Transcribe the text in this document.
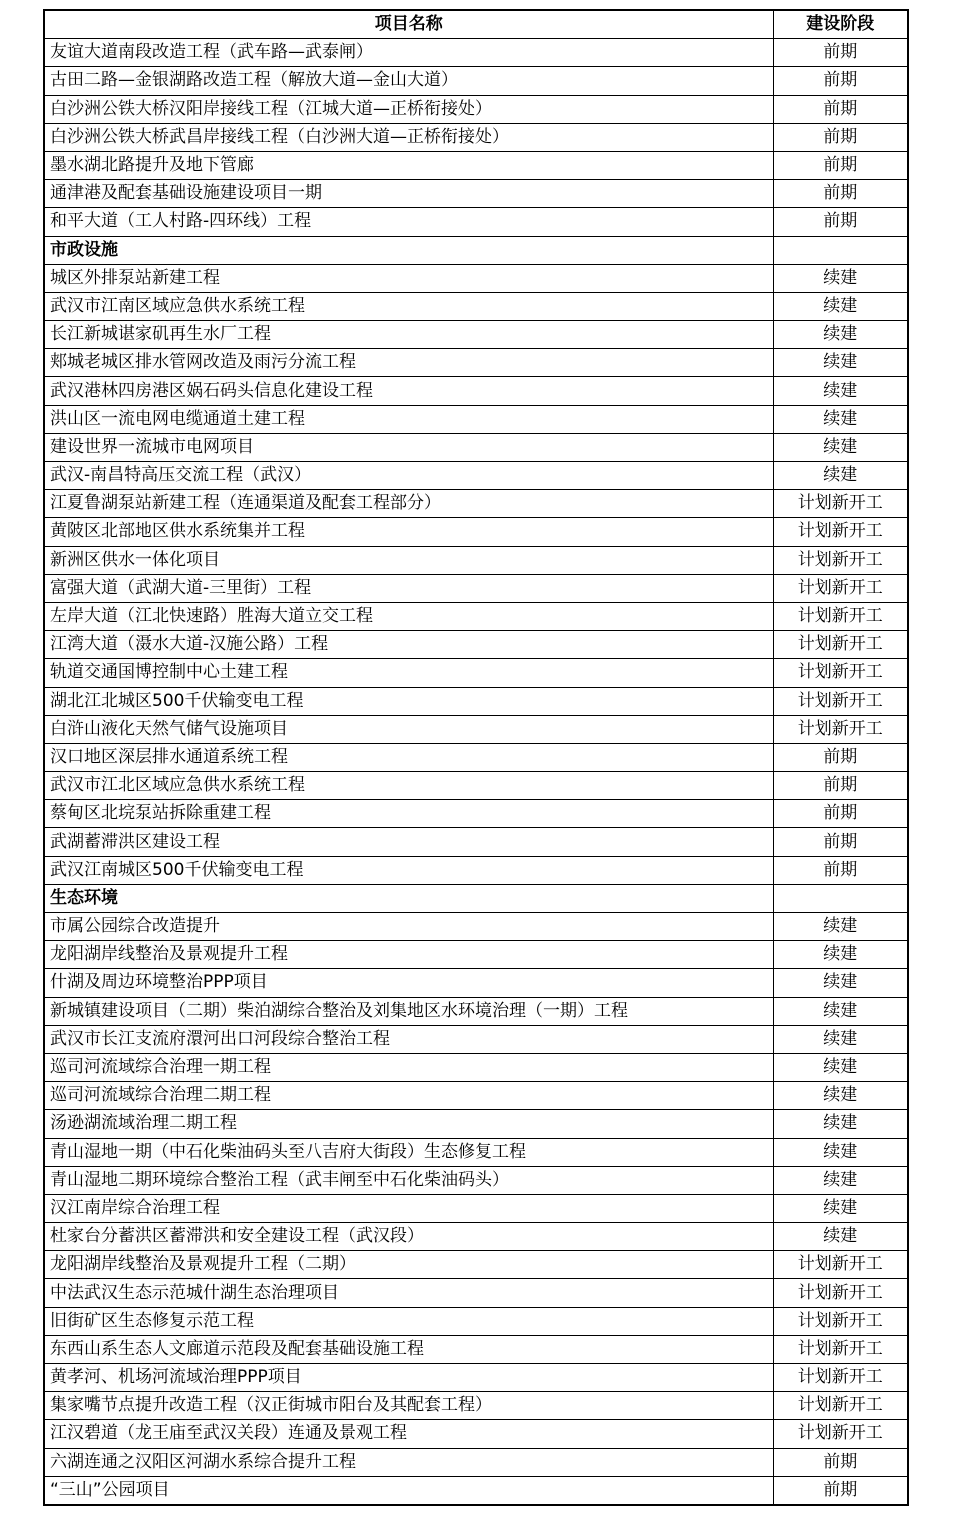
项目名称	建设阶段
友谊大道南段改造工程（武车路—武泰闸）	前期
古田二路—金银湖路改造工程（解放大道—金山大道）	前期
白沙洲公铁大桥汉阳岸接线工程（江城大道—正桥衔接处）	前期
白沙洲公铁大桥武昌岸接线工程（白沙洲大道—正桥衔接处）	前期
墨水湖北路提升及地下管廊	前期
通津港及配套基础设施建设项目一期	前期
和平大道（工人村路-四环线）工程	前期
市政设施	
城区外排泵站新建工程	续建
武汉市江南区域应急供水系统工程	续建
长江新城谌家矶再生水厂工程	续建
郏城老城区排水管网改造及雨污分流工程	续建
武汉港林四房港区娲石码头信息化建设工程	续建
洪山区一流电网电缆通道土建工程	续建
建设世界一流城市电网项目	续建
武汉-南昌特高压交流工程（武汉）	续建
江夏鲁湖泵站新建工程（连通渠道及配套工程部分）	计划新开工
黄陂区北部地区供水系统集并工程	计划新开工
新洲区供水一体化项目	计划新开工
富强大道（武湖大道-三里街）工程	计划新开工
左岸大道（江北快速路）胜海大道立交工程	计划新开工
江湾大道（滠水大道-汉施公路）工程	计划新开工
轨道交通国博控制中心土建工程	计划新开工
湖北江北城区500千伏输变电工程	计划新开工
白浒山液化天然气储气设施项目	计划新开工
汉口地区深层排水通道系统工程	前期
武汉市江北区域应急供水系统工程	前期
蔡甸区北垸泵站拆除重建工程	前期
武湖蓄滞洪区建设工程	前期
武汉江南城区500千伏输变电工程	前期
生态环境	
市属公园综合改造提升	续建
龙阳湖岸线整治及景观提升工程	续建
什湖及周边环境整治PPP项目	续建
新城镇建设项目（二期）柴泊湖综合整治及刘集地区水环境治理（一期）工程	续建
武汉市长江支流府澴河出口河段综合整治工程	续建
巡司河流域综合治理一期工程	续建
巡司河流域综合治理二期工程	续建
汤逊湖流域治理二期工程	续建
青山湿地一期（中石化柴油码头至八吉府大街段）生态修复工程	续建
青山湿地二期环境综合整治工程（武丰闸至中石化柴油码头）	续建
汉江南岸综合治理工程	续建
杜家台分蓄洪区蓄滞洪和安全建设工程（武汉段）	续建
龙阳湖岸线整治及景观提升工程（二期）	计划新开工
中法武汉生态示范城什湖生态治理项目	计划新开工
旧街矿区生态修复示范工程	计划新开工
东西山系生态人文廊道示范段及配套基础设施工程	计划新开工
黄孝河、机场河流域治理PPP项目	计划新开工
集家嘴节点提升改造工程（汉正街城市阳台及其配套工程）	计划新开工
江汉碧道（龙王庙至武汉关段）连通及景观工程	计划新开工
六湖连通之汉阳区河湖水系综合提升工程	前期
“三山”公园项目	前期
